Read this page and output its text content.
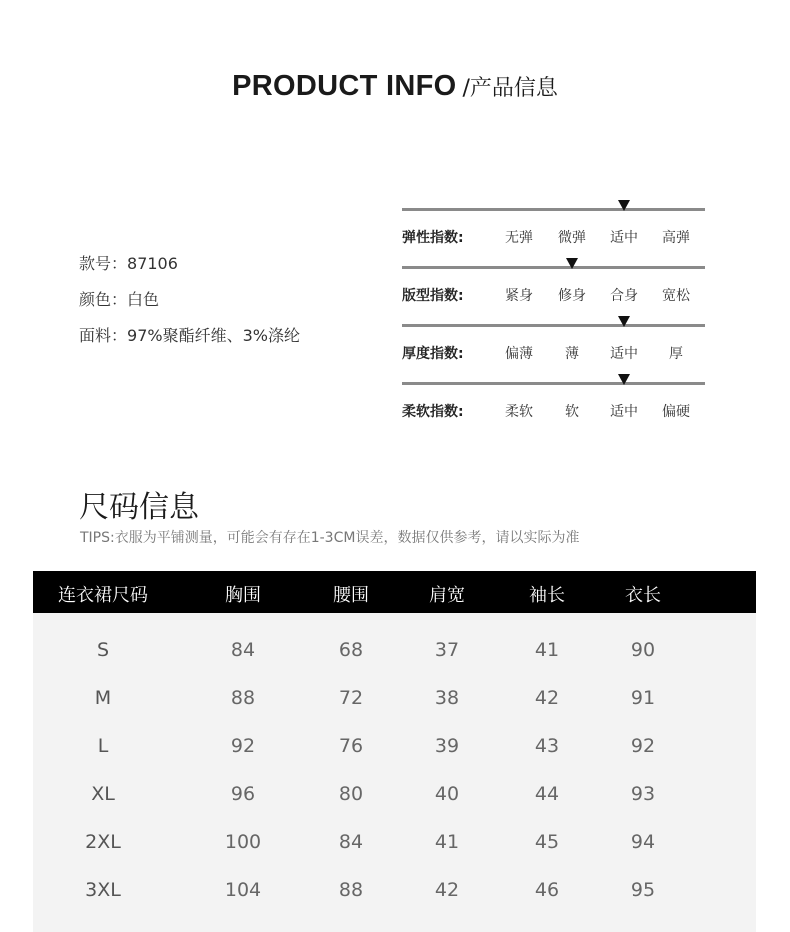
PRODUCT INFO /产品信息
款号：87106
颜色：白色
面料：97%聚酯纤维、3%涤纶
弹性指数:	无弹 微弹 适中 高弹
版型指数:	紧身 修身 合身 宽松
厚度指数:	偏薄 薄 适中 厚
柔软指数:	柔软 软 适中 偏硬
尺码信息
TIPS:衣服为平铺测量，可能会有存在1-3CM误差，数据仅供参考，请以实际为准
连衣裙尺码	胸围	腰围	肩宽	袖长	衣长
S	84	68	37	41	90
M	88	72	38	42	91
L	92	76	39	43	92
XL	96	80	40	44	93
2XL	100	84	41	45	94
3XL	104	88	42	46	95
